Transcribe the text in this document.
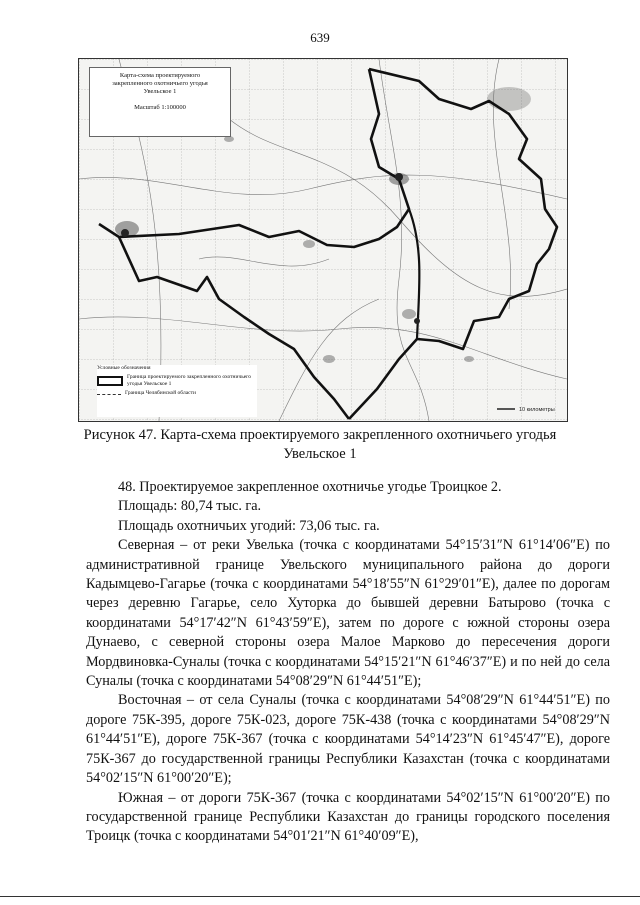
639
10 километры
Карта-схема проектируемого
закрепленного охотничьего угодья
Увельское 1
Масштаб 1:100000
Условные обозначения
Граница проектируемого закрепленного охотничьего угодья Увельское 1
Граница Челябинской области
Рисунок 47. Карта-схема проектируемого закрепленного охотничьего угодья
Увельское 1

48. Проектируемое закрепленное охотничье угодье Троицкое 2.

Площадь: 80,74 тыс. га.

Площадь охотничьих угодий: 73,06 тыс. га.

Северная – от реки Увелька (точка с координатами 54°15′31″N 61°14′06″E) по административной границе Увельского муниципального района до дороги Кадымцево-Гагарье (точка с координатами 54°18′55″N 61°29′01″E), далее по дорогам через деревню Гагарье, село Хуторка до бывшей деревни Батырово (точка с координатами 54°17′42″N 61°43′59″E), затем по дороге с южной стороны озера Дунаево, с северной стороны озера Малое Марково до пересечения дороги Мордвиновка-Суналы (точка с координатами 54°15′21″N 61°46′37″E) и по ней до села Суналы (точка с координатами 54°08′29″N 61°44′51″E);

Восточная – от села Суналы (точка с координатами 54°08′29″N 61°44′51″E) по дороге 75К-395, дороге 75К-023, дороге 75К-438 (точка с координатами 54°08′29″N 61°44′51″E), дороге 75К-367 (точка с координатами 54°14′23″N 61°45′47″E), дороге 75К-367 до государственной границы Республики Казахстан (точка с координатами 54°02′15″N 61°00′20″E);

Южная – от дороги 75К-367 (точка с координатами 54°02′15″N 61°00′20″E) по государственной границе Республики Казахстан до границы городского поселения Троицк (точка с координатами 54°01′21″N 61°40′09″E),
